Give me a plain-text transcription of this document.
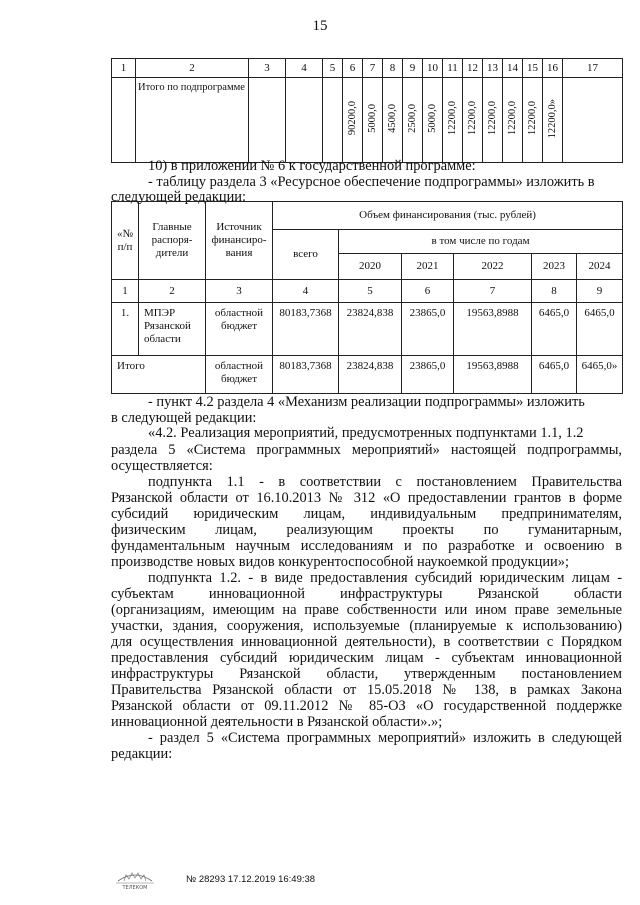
15
1	2	3	4	5	6	7	8	9	10	11	12	13	14	15	16	17
	Итого по подпрограмме				90200,0	5000,0	4500,0	2500,0	5000,0	12200,0	12200,0	12200,0	12200,0	12200,0	12200,0»	
10) в приложении № 6 к государственной программе:
- таблицу раздела 3 «Ресурсное обеспечение подпрограммы» изложить в
следующей редакции:
«№ п/п	Главные распоря-дители	Источник финансиро-вания	Объем финансирования (тыс. рублей)					
			всего	в том числе по годам				
				2020	2021	2022	2023	2024
1	2	3	4	5	6	7	8	9
1.	МПЭР Рязанской области	областной бюджет	80183,7368	23824,838	23865,0	19563,8988	6465,0	6465,0
Итого		областной бюджет	80183,7368	23824,838	23865,0	19563,8988	6465,0	6465,0»
- пункт 4.2 раздела 4 «Механизм реализации подпрограммы» изложить
в следующей редакции:
«4.2. Реализация мероприятий, предусмотренных подпунктами 1.1, 1.2
раздела 5 «Система программных мероприятий» настоящей подпрограммы,
осуществляется:
подпункта 1.1 - в соответствии с постановлением Правительства
Рязанской области от 16.10.2013 № 312 «О предоставлении грантов в форме
субсидий юридическим лицам, индивидуальным предпринимателям,
физическим лицам, реализующим проекты по гуманитарным,
фундаментальным научным исследованиям и по разработке и освоению в
производстве новых видов конкурентоспособной наукоемкой продукции»;
подпункта 1.2. - в виде предоставления субсидий юридическим лицам -
субъектам инновационной инфраструктуры Рязанской области
(организациям, имеющим на праве собственности или ином праве земельные
участки, здания, сооружения, используемые (планируемые к использованию)
для осуществления инновационной деятельности), в соответствии с Порядком
предоставления субсидий юридическим лицам - субъектам инновационной
инфраструктуры Рязанской области, утвержденным постановлением
Правительства Рязанской области от 15.05.2018 № 138, в рамках Закона
Рязанской области от 09.11.2012 № 85-ОЗ «О государственной поддержке
инновационной деятельности в Рязанской области».»;
- раздел 5 «Система программных мероприятий» изложить в следующей
редакции:
ТЕЛЕКОМ
№ 28293 17.12.2019 16:49:38
